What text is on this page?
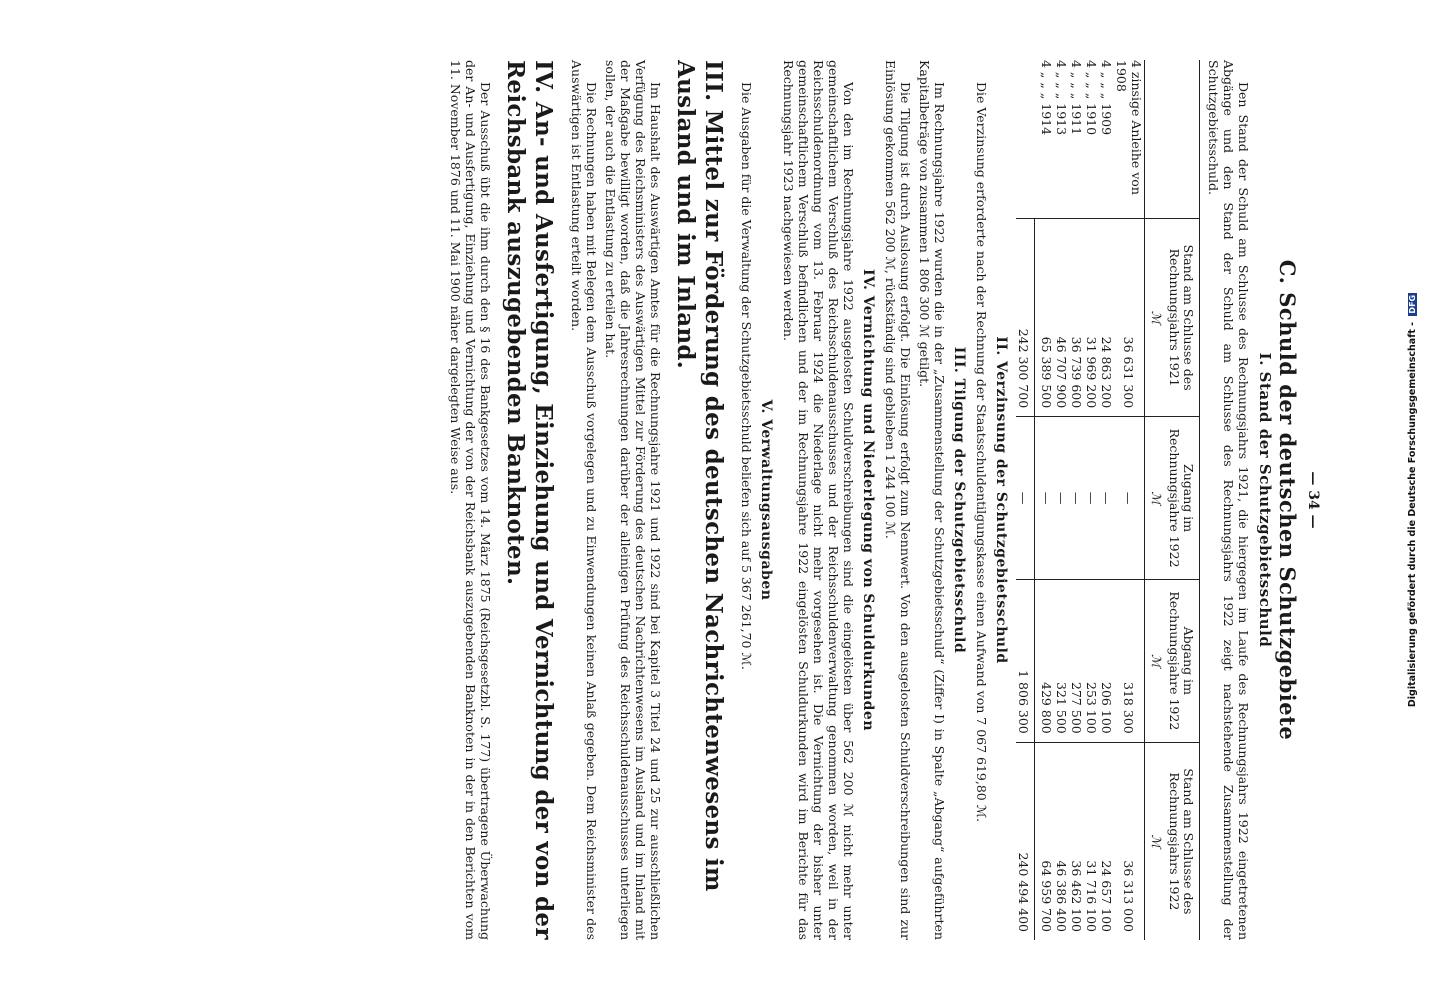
— 34 —
C. Schuld der deutschen Schutzgebiete
I. Stand der Schutzgebietsschuld

Den Stand der Schuld am Schlusse des Rechnungsjahrs 1921, die hiergegen im Laufe des Rechnungsjahrs 1922 eingetretenen Abgänge und den Stand der Schuld am Schlusse des Rechnungsjahrs 1922 zeigt nachstehende Zusammenstellung der Schutzgebietsschuld.

	Stand am Schlusse des Rechnungsjahrs 1921	Zugang im Rechnungsjahre 1922	Abgang im Rechnungsjahre 1922	Stand am Schlusse des Rechnungsjahrs 1922
	ℳ	ℳ	ℳ	ℳ
4 zinsige Anleihe von 1908	36 631 300	—	318 300	36 313 000
4 „ „ „ 1909	24 863 200	—	206 100	24 657 100
4 „ „ „ 1910	31 969 200	—	253 100	31 716 100
4 „ „ „ 1911	36 739 600	—	277 500	36 462 100
4 „ „ „ 1913	46 707 900	—	321 500	46 386 400
4 „ „ „ 1914	65 389 500	—	429 800	64 959 700
	242 300 700	—	1 806 300	240 494 400
II. Verzinsung der Schutzgebietsschuld

Die Verzinsung erforderte nach der Rechnung der Staatsschuldentilgungskasse einen Aufwand von 7 067 619,80 ℳ.

III. Tilgung der Schutzgebietsschuld

Im Rechnungsjahre 1922 wurden die in der „Zusammenstellung der Schutzgebietsschuld“ (Ziffer I) in Spalte „Abgang“ aufgeführten Kapitalbeträge von zusammen 1 806 300 ℳ getilgt.

Die Tilgung ist durch Auslosung erfolgt. Die Einlösung erfolgt zum Nennwert. Von den ausgelosten Schuldverschreibungen sind zur Einlösung gekommen 562 200 ℳ, rückständig sind geblieben 1 244 100 ℳ.

IV. Vernichtung und Niederlegung von Schuldurkunden

Von den im Rechnungsjahre 1922 ausgelosten Schuldverschreibungen sind die eingelösten über 562 200 ℳ nicht mehr unter gemeinschaftlichem Verschluß des Reichsschuldenausschusses und der Reichsschuldenverwaltung genommen worden, weil in der Reichsschuldenordnung vom 13. Februar 1924 die Niederlage nicht mehr vorgesehen ist. Die Vernichtung der bisher unter gemeinschaftlichem Verschluß befindlichen und der im Rechnungsjahre 1922 eingelösten Schuldurkunden wird im Berichte für das Rechnungsjahr 1923 nachgewiesen werden.

V. Verwaltungsausgaben

Die Ausgaben für die Verwaltung der Schutzgebietsschuld beliefen sich auf 5 367 261,70 ℳ.

III. Mittel zur Förderung des deutschen Nachrichtenwesens im Ausland und im Inland.

Im Haushalt des Auswärtigen Amtes für die Rechnungsjahre 1921 und 1922 sind bei Kapitel 3 Titel 24 und 25 zur ausschließlichen Verfügung des Reichsministers des Auswärtigen Mittel zur Förderung des deutschen Nachrichtenwesens im Ausland und im Inland mit der Maßgabe bewilligt worden, daß die Jahresrechnungen darüber der alleinigen Prüfung des Reichsschuldenausschusses unterliegen sollen, der auch die Entlastung zu erteilen hat.

Die Rechnungen haben mit Belegen dem Ausschuß vorgelegen und zu Einwendungen keinen Anlaß gegeben. Dem Reichsminister des Auswärtigen ist Entlastung erteilt worden.

IV. An- und Ausfertigung, Einziehung und Vernichtung der von der Reichsbank auszugebenden Banknoten.

Der Ausschuß übt die ihm durch den § 16 des Bankgesetzes vom 14. März 1875 (Reichsgesetzbl. S. 177) übertragene Überwachung der An- und Ausfertigung, Einziehung und Vernichtung der von der Reichsbank auszugebenden Banknoten in der in den Berichten vom 11. November 1876 und 11. Mai 1900 näher dargelegten Weise aus.

Digitalisierung gefördert durch die Deutsche Forschungsgemeinschaft - DFG
